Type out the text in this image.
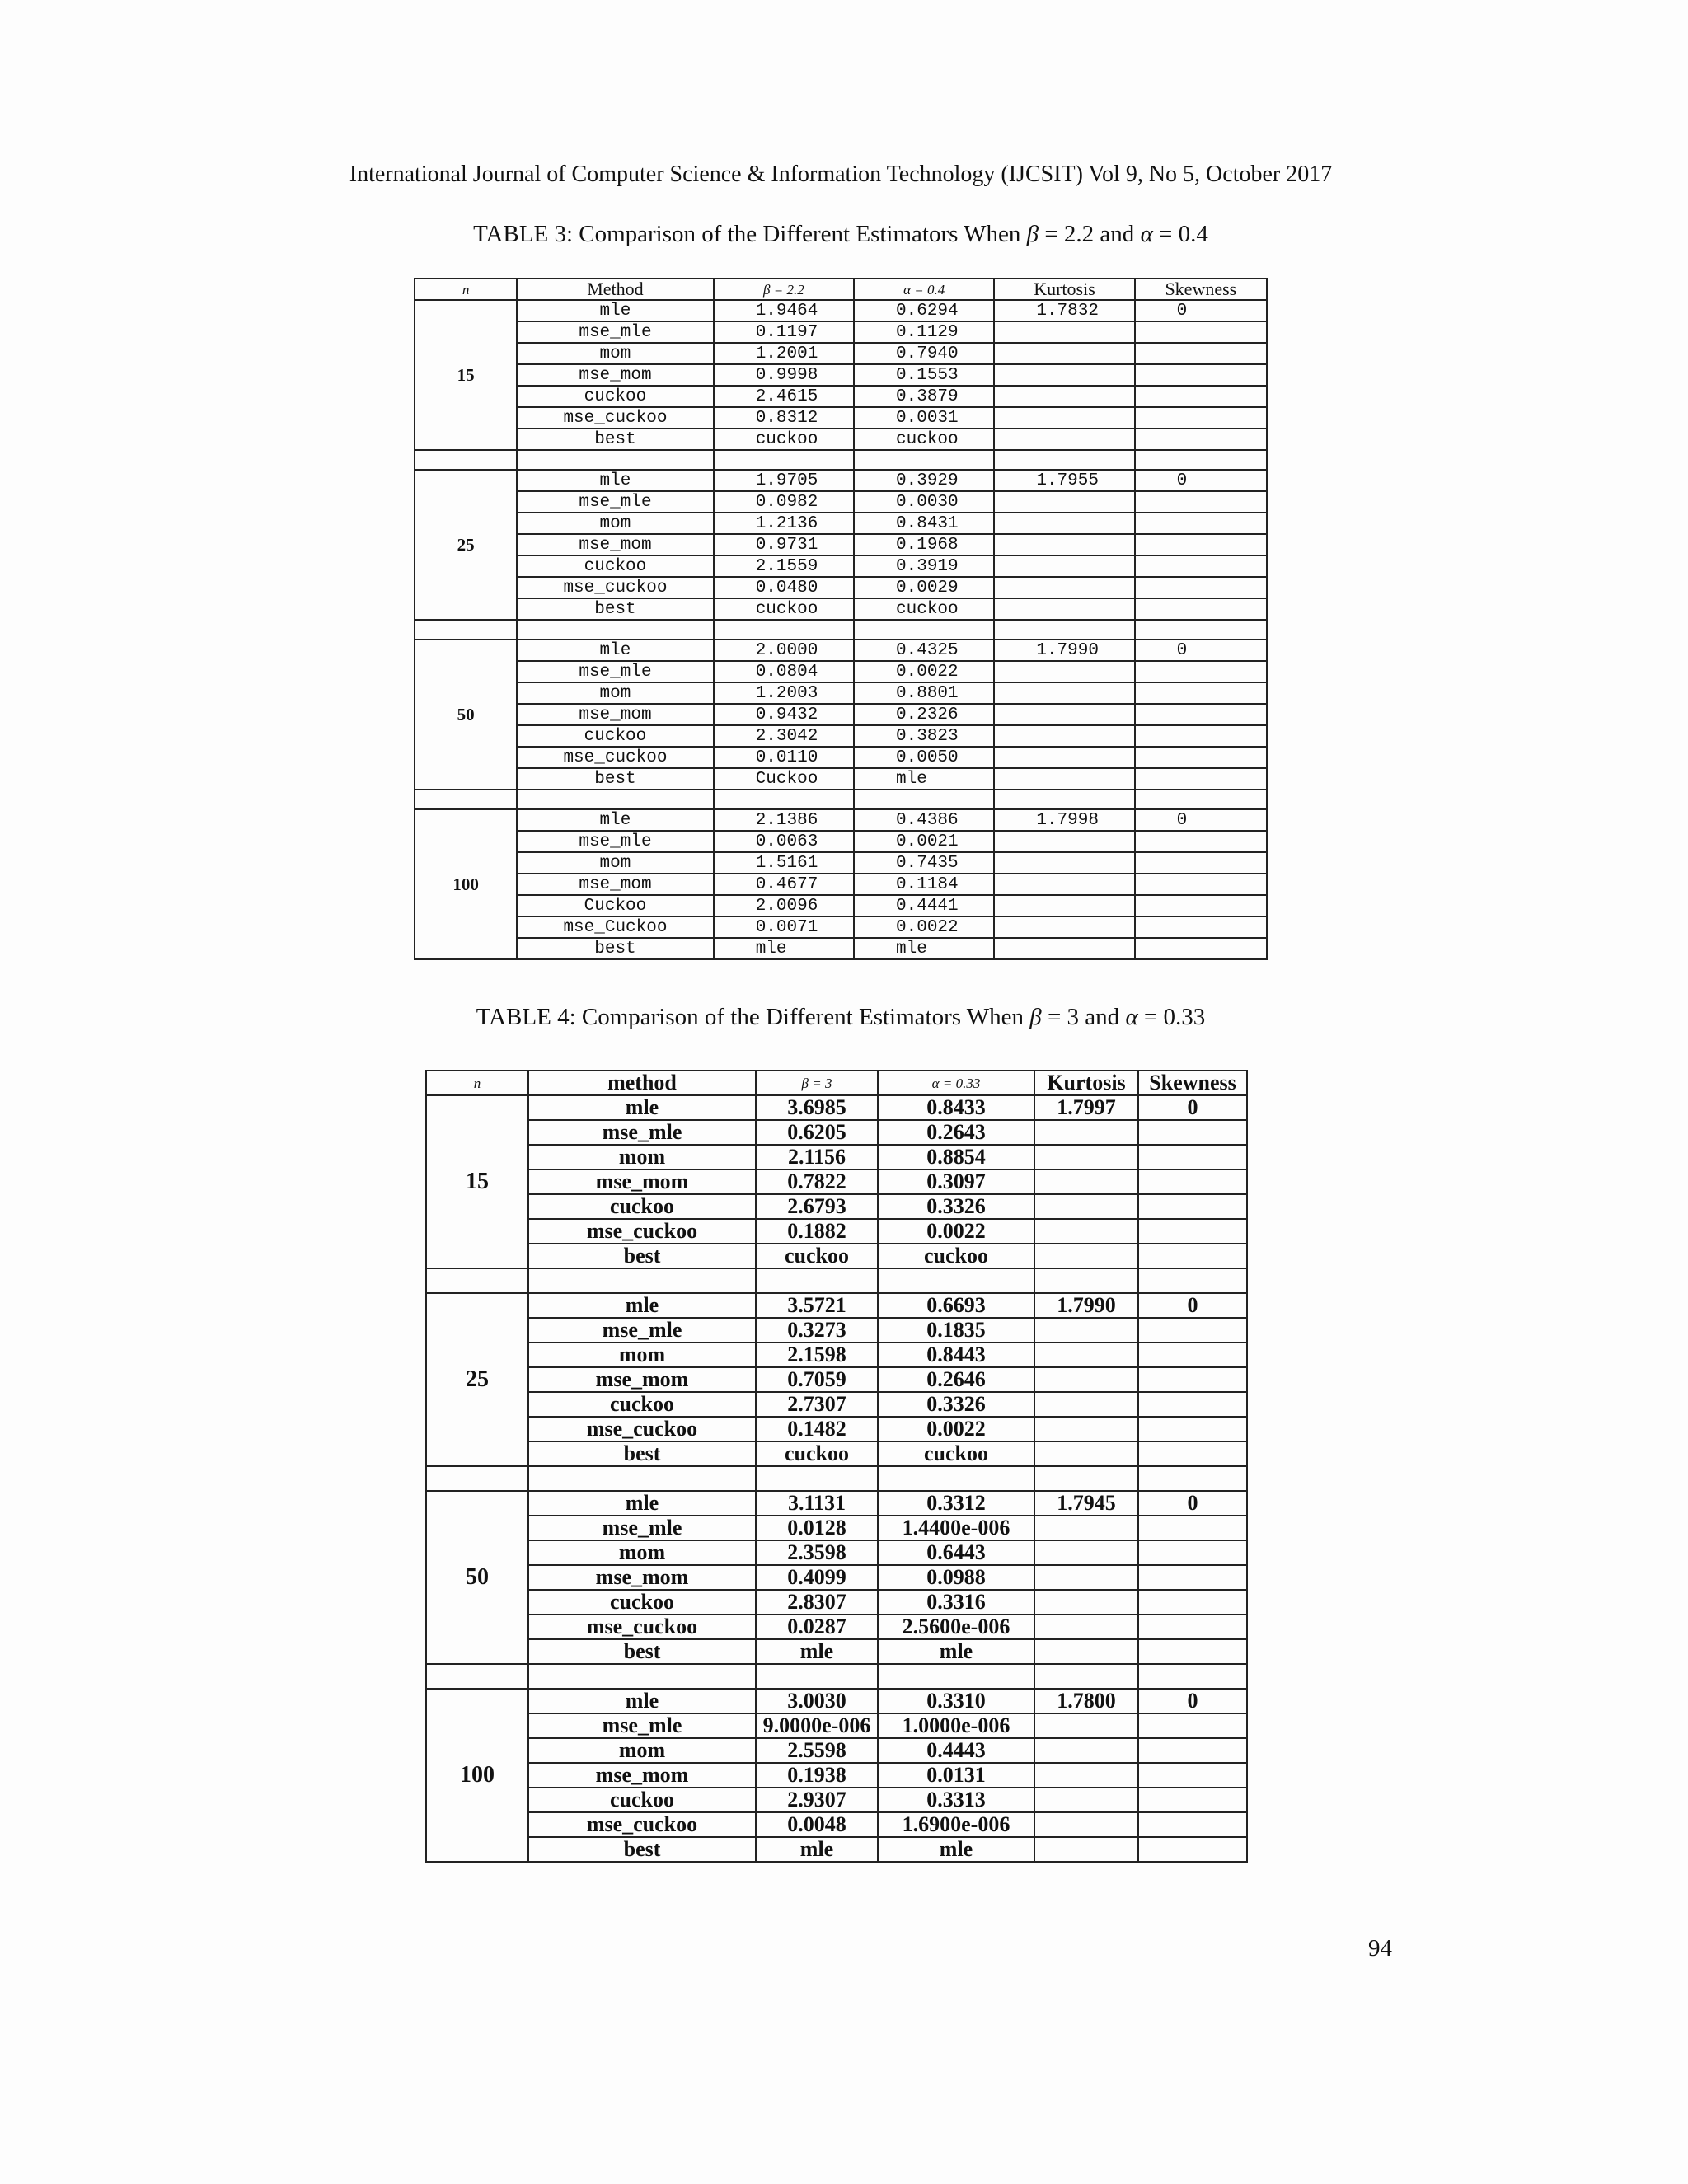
International Journal of Computer Science & Information Technology (IJCSIT) Vol 9, No 5, October 2017
TABLE 3: Comparison of the Different Estimators When β = 2.2 and α = 0.4
n	Method	β = 2.2	α = 0.4	Kurtosis	Skewness
15	mle	1.9464	0.6294	1.7832	0
	mse_mle	0.1197	0.1129		
	mom	1.2001	0.7940		
	mse_mom	0.9998	0.1553		
	cuckoo	2.4615	0.3879		
	mse_cuckoo	0.8312	0.0031		
	best	cuckoo	cuckoo		

25	mle	1.9705	0.3929	1.7955	0
	mse_mle	0.0982	0.0030		
	mom	1.2136	0.8431		
	mse_mom	0.9731	0.1968		
	cuckoo	2.1559	0.3919		
	mse_cuckoo	0.0480	0.0029		
	best	cuckoo	cuckoo		

50	mle	2.0000	0.4325	1.7990	0
	mse_mle	0.0804	0.0022		
	mom	1.2003	0.8801		
	mse_mom	0.9432	0.2326		
	cuckoo	2.3042	0.3823		
	mse_cuckoo	0.0110	0.0050		
	best	Cuckoo	mle		

100	mle	2.1386	0.4386	1.7998	0
	mse_mle	0.0063	0.0021		
	mom	1.5161	0.7435		
	mse_mom	0.4677	0.1184		
	Cuckoo	2.0096	0.4441		
	mse_Cuckoo	0.0071	0.0022		
	best	mle	mle		
TABLE 4: Comparison of the Different Estimators When β = 3 and α = 0.33
n	method	β = 3	α = 0.33	Kurtosis	Skewness
15	mle	3.6985	0.8433	1.7997	0
	mse_mle	0.6205	0.2643		
	mom	2.1156	0.8854		
	mse_mom	0.7822	0.3097		
	cuckoo	2.6793	0.3326		
	mse_cuckoo	0.1882	0.0022		
	best	cuckoo	cuckoo		

25	mle	3.5721	0.6693	1.7990	0
	mse_mle	0.3273	0.1835		
	mom	2.1598	0.8443		
	mse_mom	0.7059	0.2646		
	cuckoo	2.7307	0.3326		
	mse_cuckoo	0.1482	0.0022		
	best	cuckoo	cuckoo		

50	mle	3.1131	0.3312	1.7945	0
	mse_mle	0.0128	1.4400e-006		
	mom	2.3598	0.6443		
	mse_mom	0.4099	0.0988		
	cuckoo	2.8307	0.3316		
	mse_cuckoo	0.0287	2.5600e-006		
	best	mle	mle		

100	mle	3.0030	0.3310	1.7800	0
	mse_mle	9.0000e-006	1.0000e-006		
	mom	2.5598	0.4443		
	mse_mom	0.1938	0.0131		
	cuckoo	2.9307	0.3313		
	mse_cuckoo	0.0048	1.6900e-006		
	best	mle	mle		
94
